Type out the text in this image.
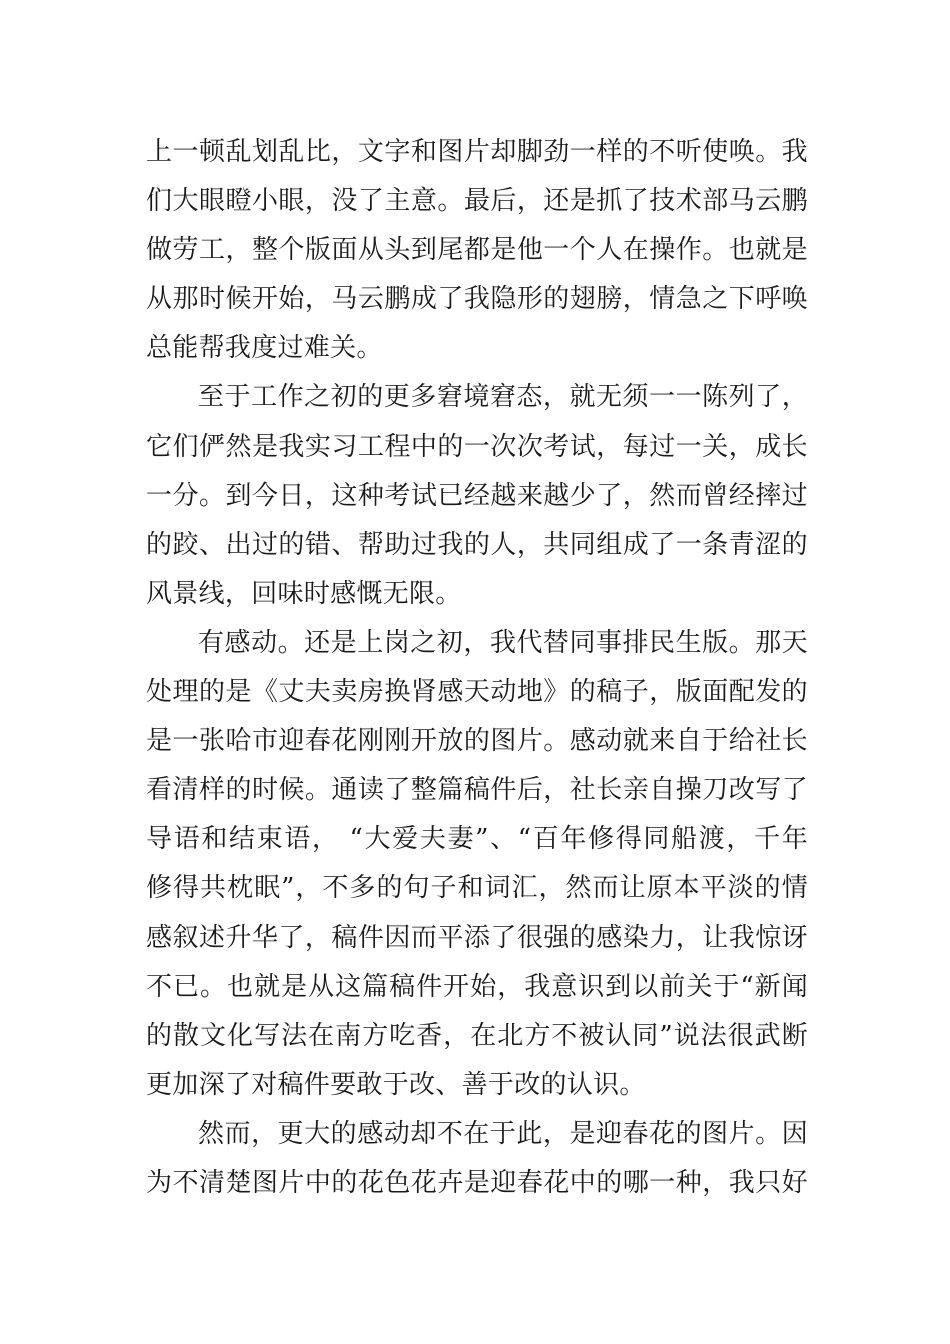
上一顿乱划乱比，文字和图片却脚劲一样的不听使唤。我
们大眼瞪小眼，没了主意。最后，还是抓了技术部马云鹏
做劳工，整个版面从头到尾都是他一个人在操作。也就是
从那时候开始，马云鹏成了我隐形的翅膀，情急之下呼唤
总能帮我度过难关。
至于工作之初的更多窘境窘态，就无须一一陈列了，
它们俨然是我实习工程中的一次次考试，每过一关，成长
一分。到今日，这种考试已经越来越少了，然而曾经摔过
的跤、出过的错、帮助过我的人，共同组成了一条青涩的
风景线，回味时感慨无限。
有感动。还是上岗之初，我代替同事排民生版。那天
处理的是《丈夫卖房换肾感天动地》的稿子，版面配发的
是一张哈市迎春花刚刚开放的图片。感动就来自于给社长
看清样的时候。通读了整篇稿件后，社长亲自操刀改写了
导语和结束语， “大爱夫妻”、“百年修得同船渡，千年
修得共枕眠”，不多的句子和词汇，然而让原本平淡的情
感叙述升华了，稿件因而平添了很强的感染力，让我惊讶
不已。也就是从这篇稿件开始，我意识到以前关于“新闻
的散文化写法在南方吃香，在北方不被认同”说法很武断
更加深了对稿件要敢于改、善于改的认识。
然而，更大的感动却不在于此，是迎春花的图片。因
为不清楚图片中的花色花卉是迎春花中的哪一种，我只好
